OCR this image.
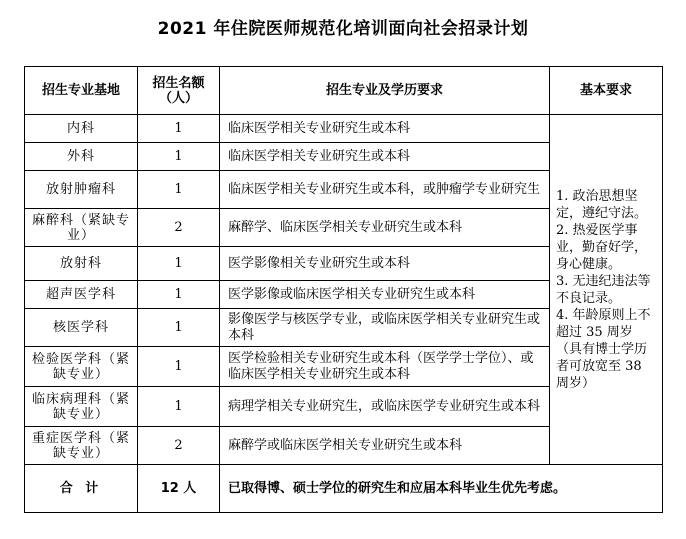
2021 年住院医师规范化培训面向社会招录计划
招生专业基地	招生名额（人）	招生专业及学历要求	基本要求
内科	1	临床医学相关专业研究生或本科	1. 政治思想坚定，遵纪守法。
2. 热爱医学事业，勤奋好学，身心健康。
3. 无违纪违法等不良记录。
4. 年龄原则上不超过 35 周岁（具有博士学历者可放宽至 38 周岁）

外科	1	临床医学相关专业研究生或本科	
放射肿瘤科	1	临床医学相关专业研究生或本科，或肿瘤学专业研究生	
麻醉科（紧缺专业）	2	麻醉学、临床医学相关专业研究生或本科	
放射科	1	医学影像相关专业研究生或本科	
超声医学科	1	医学影像或临床医学相关专业研究生或本科	
核医学科	1	影像医学与核医学专业，或临床医学相关专业研究生或本科	
检验医学科（紧缺专业）	1	医学检验相关专业研究生或本科（医学学士学位）、或临床医学相关专业研究生或本科	
临床病理科（紧缺专业）	1	病理学相关专业研究生，或临床医学专业研究生或本科	
重症医学科（紧缺专业）	2	麻醉学或临床医学相关专业研究生或本科	
合 计	12 人	已取得博、硕士学位的研究生和应届本科毕业生优先考虑。	
